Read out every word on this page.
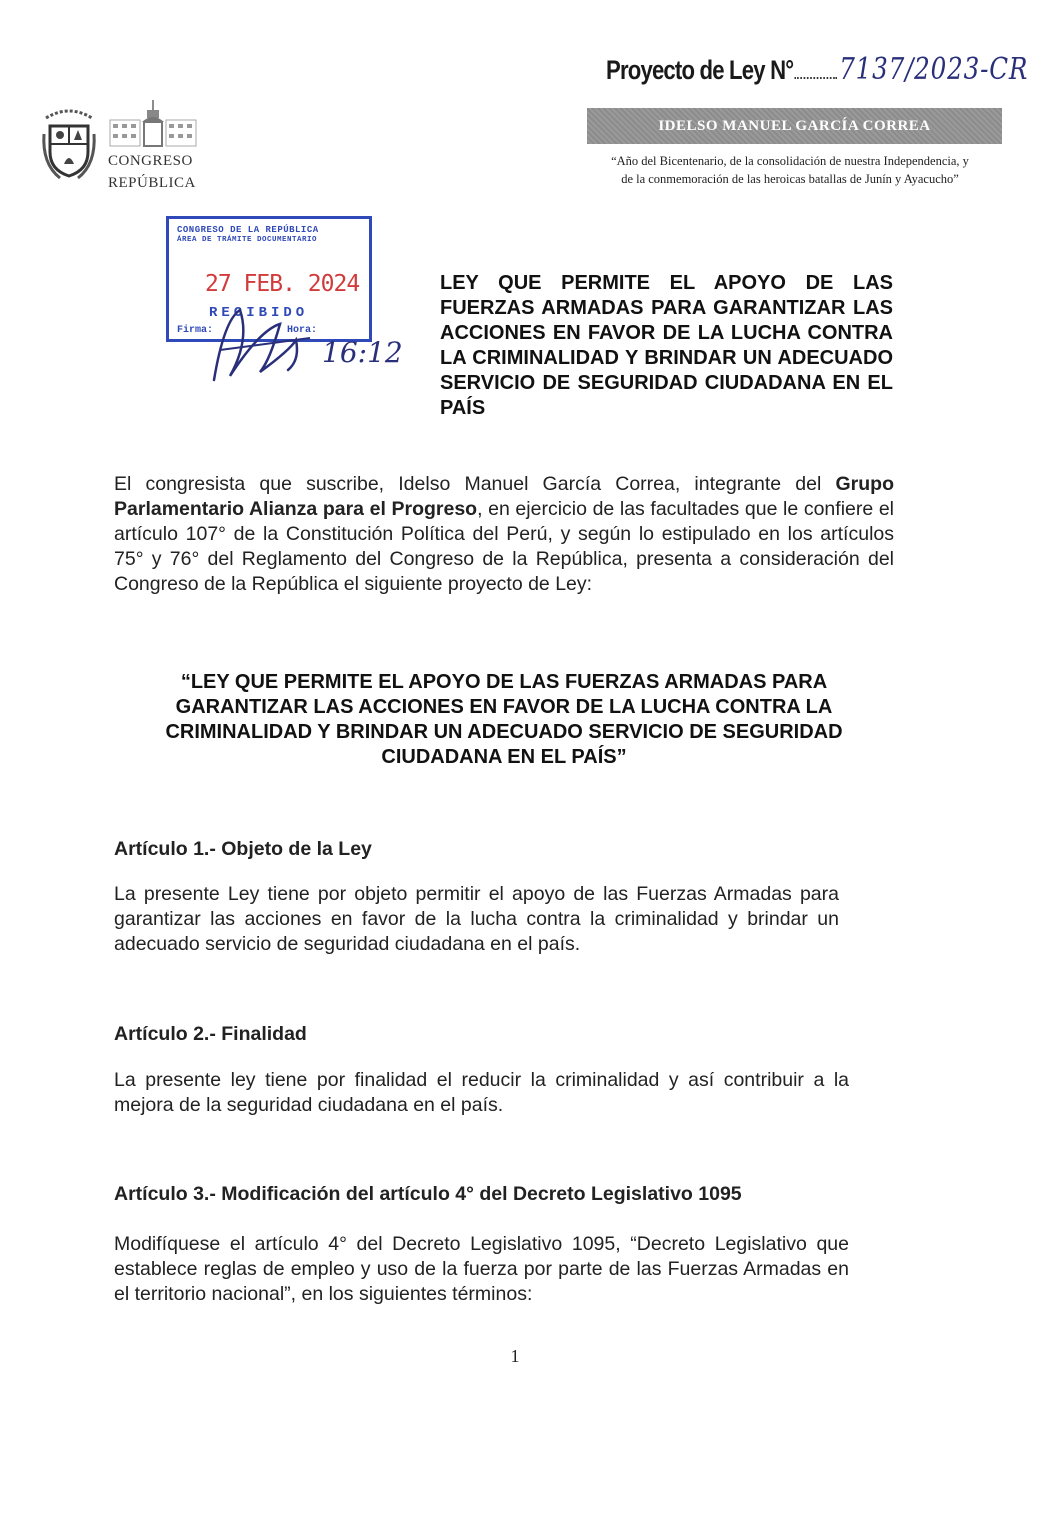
Proyecto de Ley N° 7137/2023-CR
IDELSO MANUEL GARCÍA CORREA
“Año del Bicentenario, de la consolidación de nuestra Independencia, y
de la conmemoración de las heroicas batallas de Junín y Ayacucho”
CONGRESO
REPÚBLICA
CONGRESO DE LA REPÚBLICA
ÁREA DE TRÁMITE DOCUMENTARIO
27 FEB. 2024
RECIBIDO
Firma:	Hora:
16:12
LEY QUE PERMITE EL APOYO DE LAS FUERZAS ARMADAS PARA GARANTIZAR LAS ACCIONES EN FAVOR DE LA LUCHA CONTRA LA CRIMINALIDAD Y BRINDAR UN ADECUADO SERVICIO DE SEGURIDAD CIUDADANA EN EL PAÍS
El congresista que suscribe, Idelso Manuel García Correa, integrante del Grupo Parlamentario Alianza para el Progreso, en ejercicio de las facultades que le confiere el artículo 107° de la Constitución Política del Perú, y según lo estipulado en los artículos 75° y 76° del Reglamento del Congreso de la República, presenta a consideración del Congreso de la República el siguiente proyecto de Ley:
“LEY QUE PERMITE EL APOYO DE LAS FUERZAS ARMADAS PARA GARANTIZAR LAS ACCIONES EN FAVOR DE LA LUCHA CONTRA LA CRIMINALIDAD Y BRINDAR UN ADECUADO SERVICIO DE SEGURIDAD CIUDADANA EN EL PAÍS”
Artículo 1.- Objeto de la Ley
La presente Ley tiene por objeto permitir el apoyo de las Fuerzas Armadas para garantizar las acciones en favor de la lucha contra la criminalidad y brindar un adecuado servicio de seguridad ciudadana en el país.
Artículo 2.- Finalidad
La presente ley tiene por finalidad el reducir la criminalidad y así contribuir a la mejora de la seguridad ciudadana en el país.
Artículo 3.- Modificación del artículo 4° del Decreto Legislativo 1095
Modifíquese el artículo 4° del Decreto Legislativo 1095, “Decreto Legislativo que establece reglas de empleo y uso de la fuerza por parte de las Fuerzas Armadas en el territorio nacional”, en los siguientes términos:
1
